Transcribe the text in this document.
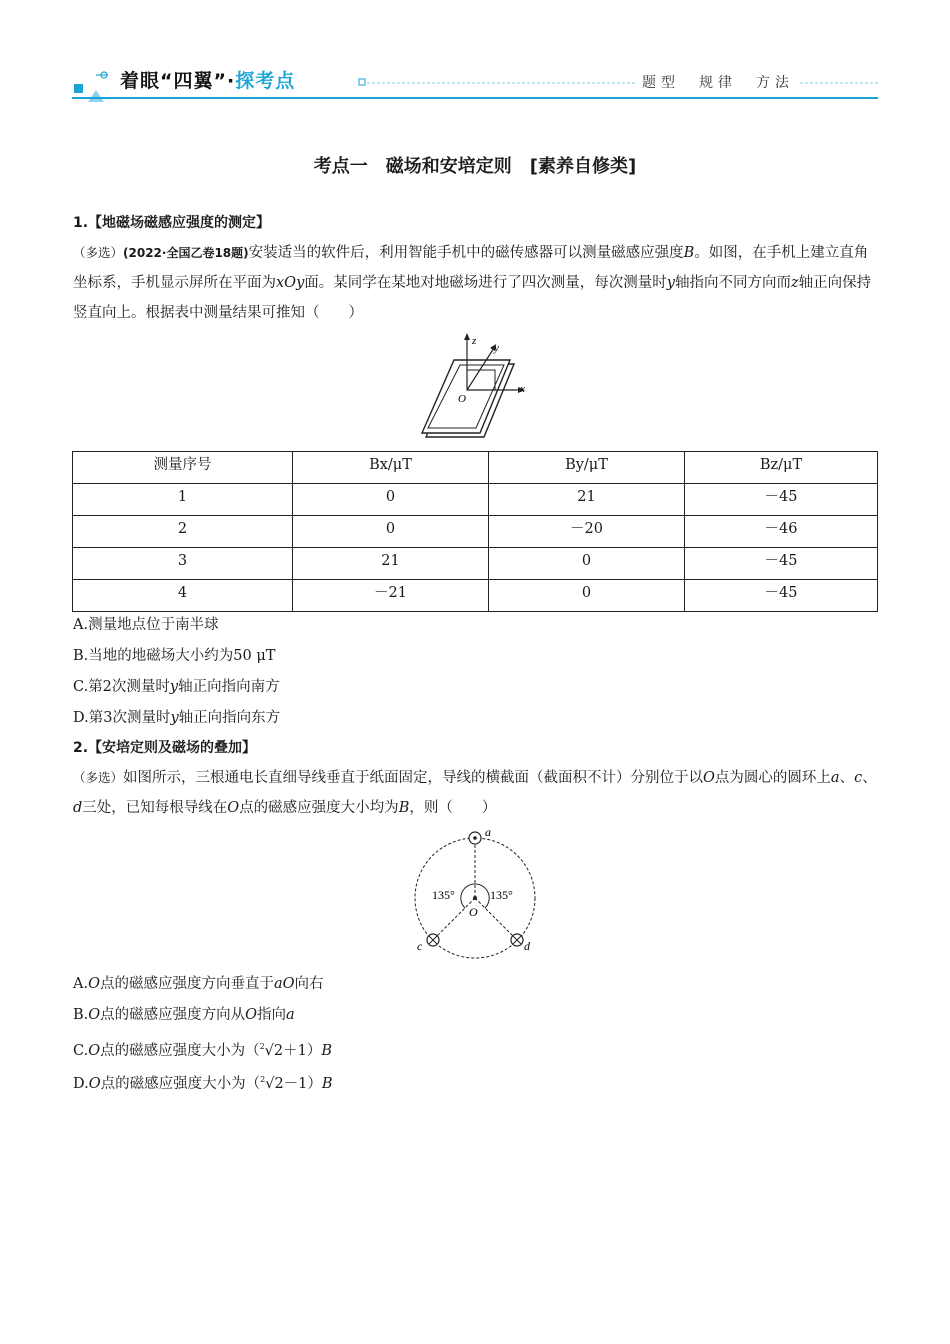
着眼“四翼”·探考点	题型　规律　方法
考点一　磁场和安培定则　[素养自修类]
1.【地磁场磁感应强度的测定】
（多选）(2022·全国乙卷18题)安装适当的软件后，利用智能手机中的磁传感器可以测量磁感应强度B。如图，在手机上建立直角坐标系，手机显示屏所在平面为xOy面。某同学在某地对地磁场进行了四次测量，每次测量时y轴指向不同方向而z轴正向保持竖直向上。根据表中测量结果可推知（　　）
z
y
x
O
测量序号	Bx/μT	By/μT	Bz/μT
1	0	21	－45
2	0	－20	－46
3	21	0	－45
4	－21	0	－45
A.测量地点位于南半球
B.当地的地磁场大小约为50 μT
C.第2次测量时y轴正向指向南方
D.第3次测量时y轴正向指向东方
2.【安培定则及磁场的叠加】
（多选）如图所示，三根通电长直细导线垂直于纸面固定，导线的横截面（截面积不计）分别位于以O点为圆心的圆环上a、c、d三处，已知每根导线在O点的磁感应强度大小均为B，则（　　）
a
c	d
O
135°	135°
A.O点的磁感应强度方向垂直于aO向右
B.O点的磁感应强度方向从O指向a
C.O点的磁感应强度大小为（$^2$√2＋1）B
D.O点的磁感应强度大小为（$^2$√2－1）B
